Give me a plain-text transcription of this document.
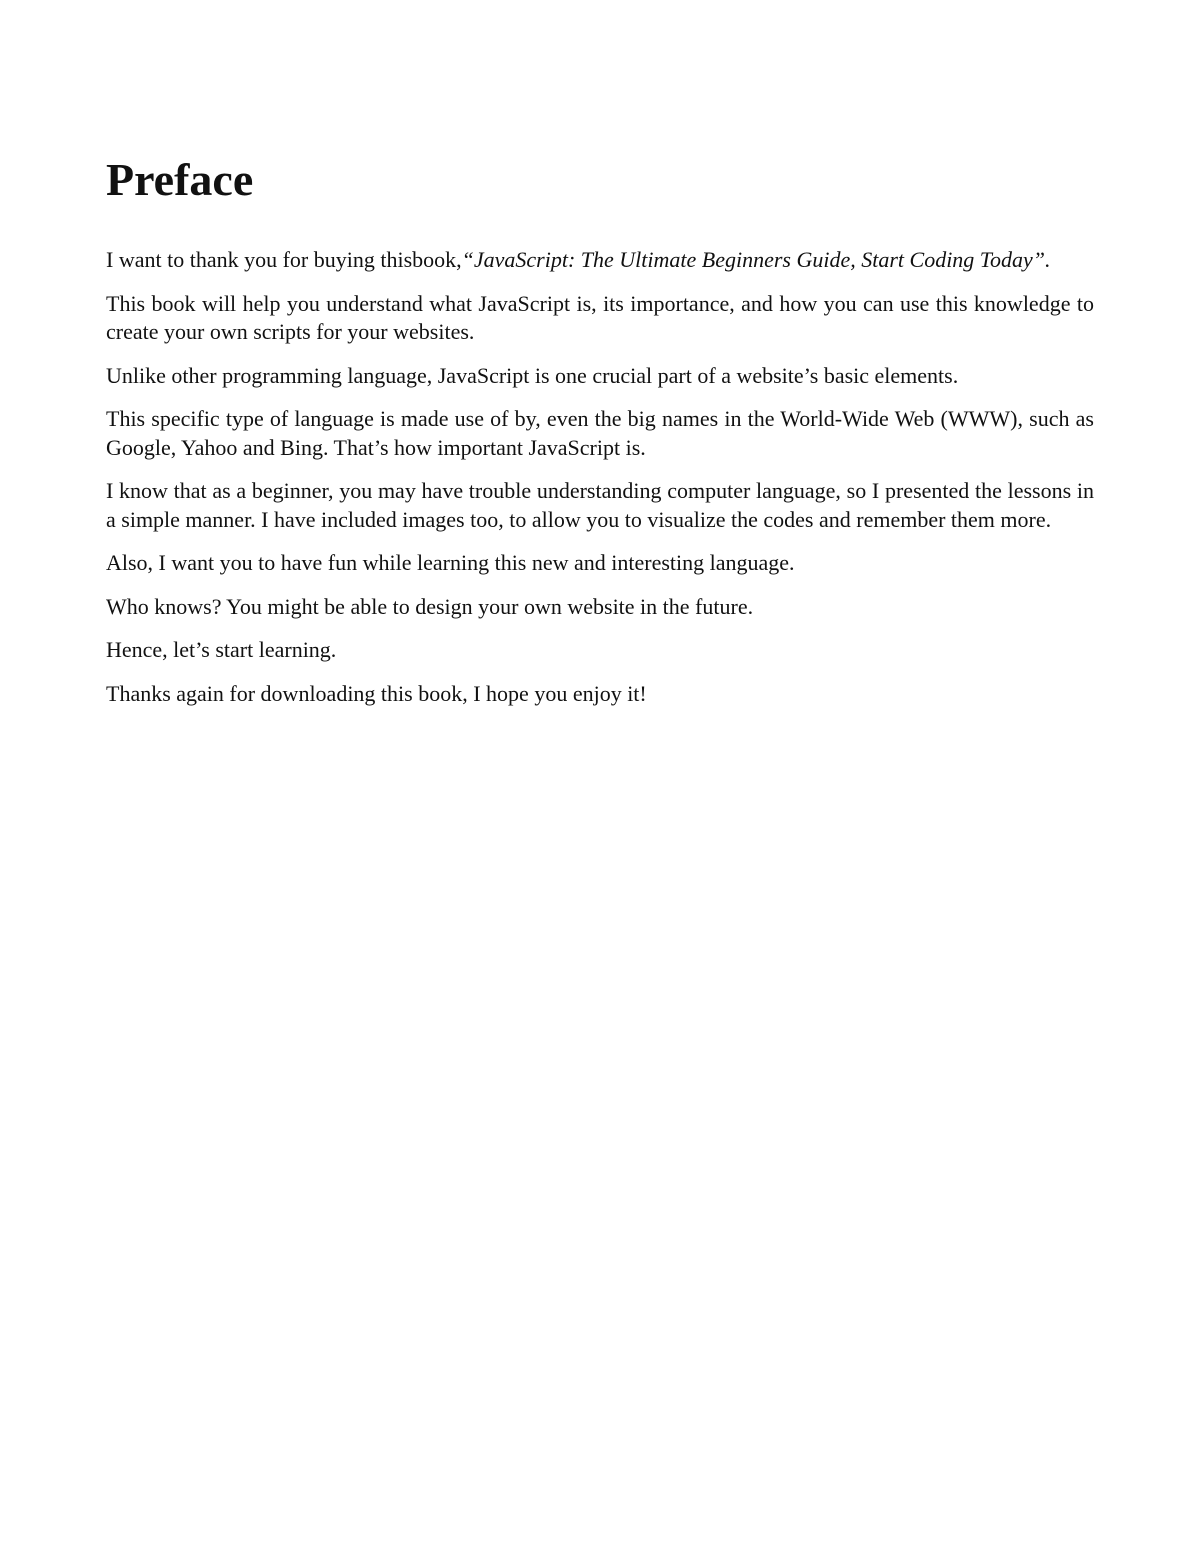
Preface

I want to thank you for buying thisbook,“JavaScript: The Ultimate Beginners Guide, Start Coding Today”.

This book will help you understand what JavaScript is, its importance, and how you can use this knowledge to create your own scripts for your websites.

Unlike other programming language, JavaScript is one crucial part of a website’s basic elements.

This specific type of language is made use of by, even the big names in the World-Wide Web (WWW), such as Google, Yahoo and Bing. That’s how important JavaScript is.

I know that as a beginner, you may have trouble understanding computer language, so I presented the lessons in a simple manner. I have included images too, to allow you to visualize the codes and remember them more.

Also, I want you to have fun while learning this new and interesting language.

Who knows? You might be able to design your own website in the future.

Hence, let’s start learning.

Thanks again for downloading this book, I hope you enjoy it!
